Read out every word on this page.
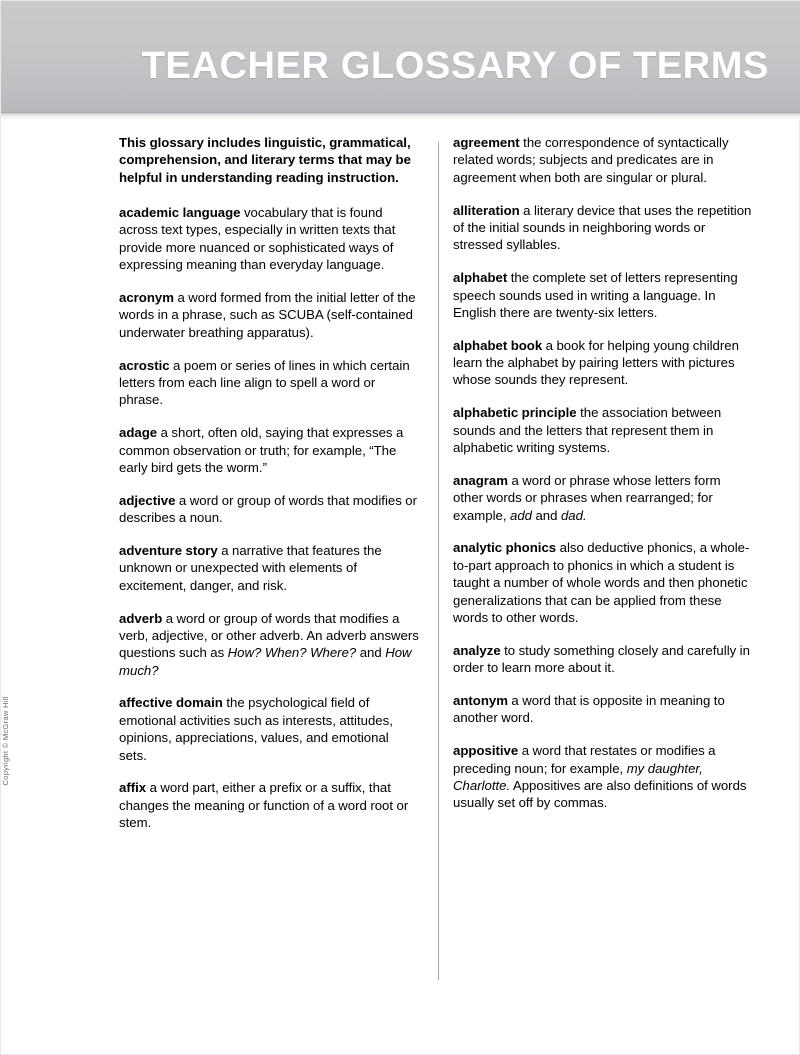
TEACHER GLOSSARY OF TERMS
Copyright © McGraw Hill

This glossary includes linguistic, grammatical, comprehension, and literary terms that may be helpful in understanding reading instruction.

academic language vocabulary that is found across text types, especially in written texts that provide more nuanced or sophisticated ways of expressing meaning than everyday language.

acronym a word formed from the initial letter of the words in a phrase, such as SCUBA (self-contained underwater breathing apparatus).

acrostic a poem or series of lines in which certain letters from each line align to spell a word or phrase.

adage a short, often old, saying that expresses a common observation or truth; for example, “The early bird gets the worm.”

adjective a word or group of words that modifies or describes a noun.

adventure story a narrative that features the unknown or unexpected with elements of excitement, danger, and risk.

adverb a word or group of words that modifies a verb, adjective, or other adverb. An adverb answers questions such as How? When? Where? and How much?

affective domain the psychological field of emotional activities such as interests, attitudes, opinions, appreciations, values, and emotional sets.

affix a word part, either a prefix or a suffix, that changes the meaning or function of a word root or stem.

agreement the correspondence of syntactically related words; subjects and predicates are in agreement when both are singular or plural.

alliteration a literary device that uses the repetition of the initial sounds in neighboring words or stressed syllables.

alphabet the complete set of letters representing speech sounds used in writing a language. In English there are twenty-six letters.

alphabet book a book for helping young children learn the alphabet by pairing letters with pictures whose sounds they represent.

alphabetic principle the association between sounds and the letters that represent them in alphabetic writing systems.

anagram a word or phrase whose letters form other words or phrases when rearranged; for example, add and dad.

analytic phonics also deductive phonics, a whole-to-part approach to phonics in which a student is taught a number of whole words and then phonetic generalizations that can be applied from these words to other words.

analyze to study something closely and carefully in order to learn more about it.

antonym a word that is opposite in meaning to another word.

appositive a word that restates or modifies a preceding noun; for example, my daughter, Charlotte. Appositives are also definitions of words usually set off by commas.
